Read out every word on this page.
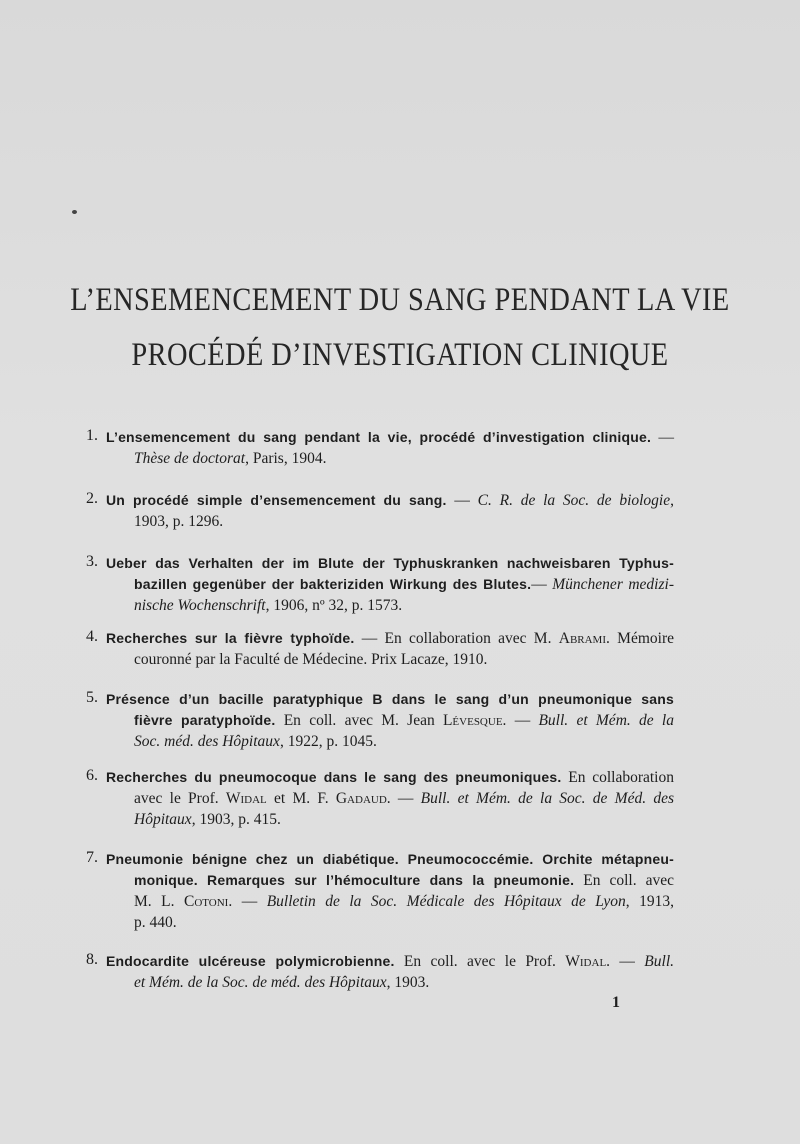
L’ENSEMENCEMENT DU SANG PENDANT LA VIE
PROCÉDÉ D’INVESTIGATION CLINIQUE
1. L’ensemencement du sang pendant la vie, procédé d’investigation clinique. —
Thèse de doctorat, Paris, 1904.
2. Un procédé simple d’ensemencement du sang. — C. R. de la Soc. de biologie,
1903, p. 1296.
3. Ueber das Verhalten der im Blute der Typhuskranken nachweisbaren Typhus-
bazillen gegenüber der bakteriziden Wirkung des Blutes.— Münchener medizi-
nische Wochenschrift, 1906, nº 32, p. 1573.
4. Recherches sur la fièvre typhoïde. — En collaboration avec M. Abrami. Mémoire
couronné par la Faculté de Médecine. Prix Lacaze, 1910.
5. Présence d’un bacille paratyphique B dans le sang d’un pneumonique sans
fièvre paratyphoïde. En coll. avec M. Jean Lévesque. — Bull. et Mém. de la
Soc. méd. des Hôpitaux, 1922, p. 1045.
6. Recherches du pneumocoque dans le sang des pneumoniques. En collaboration
avec le Prof. Widal et M. F. Gadaud. — Bull. et Mém. de la Soc. de Méd. des
Hôpitaux, 1903, p. 415.
7. Pneumonie bénigne chez un diabétique. Pneumococcémie. Orchite métapneu-
monique. Remarques sur l’hémoculture dans la pneumonie. En coll. avec
M. L. Cotoni. — Bulletin de la Soc. Médicale des Hôpitaux de Lyon, 1913,
p. 440.
8. Endocardite ulcéreuse polymicrobienne. En coll. avec le Prof. Widal. — Bull.
et Mém. de la Soc. de méd. des Hôpitaux, 1903.
1
